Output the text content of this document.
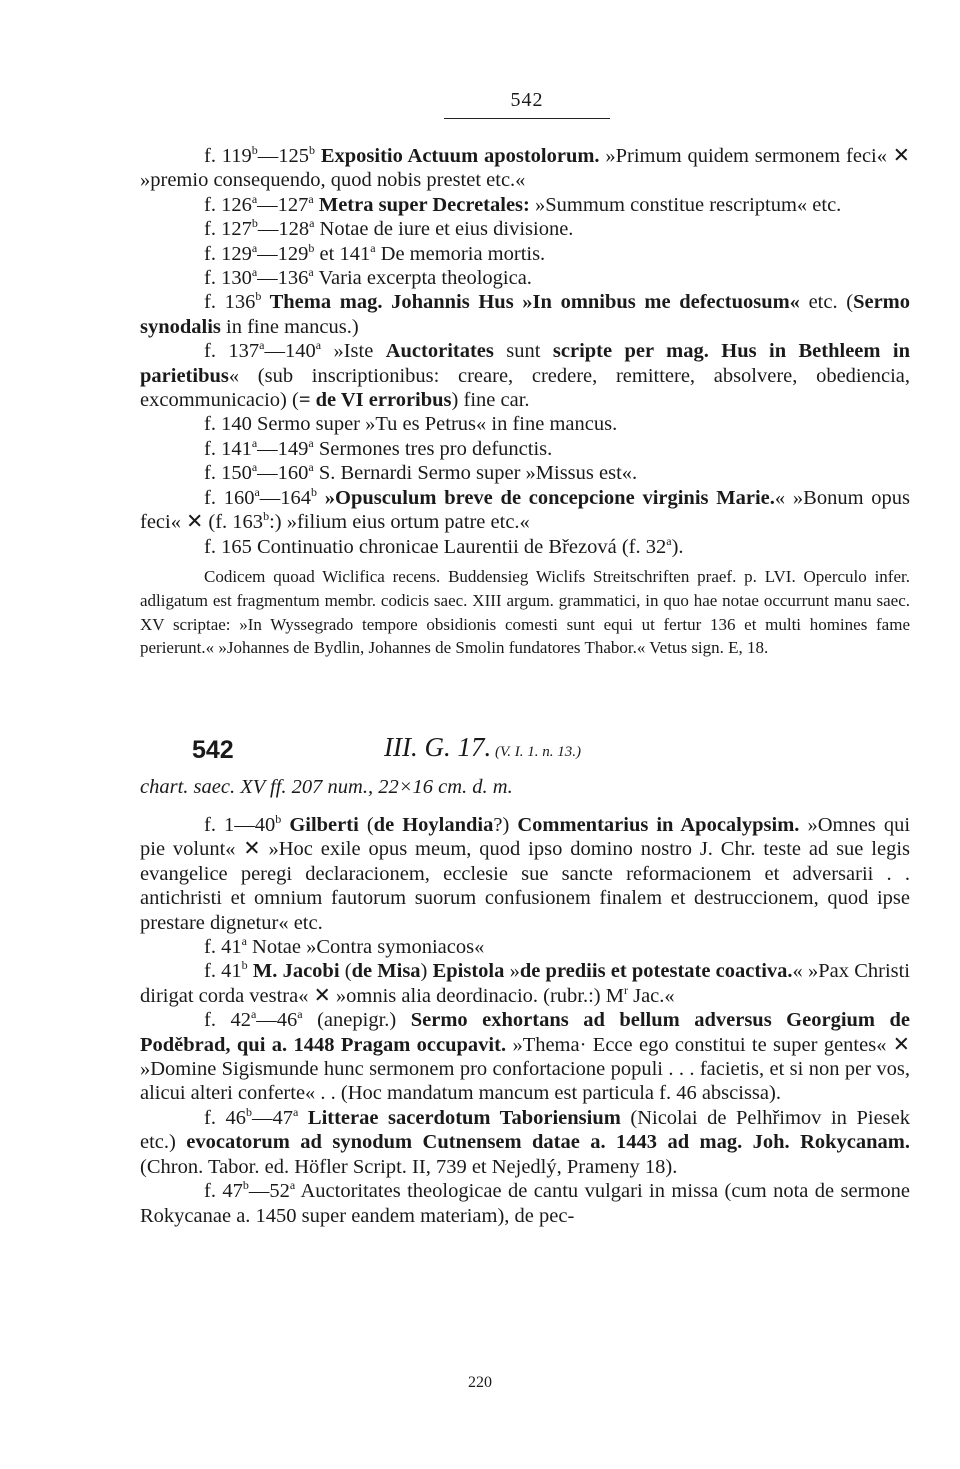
542

f. 119$^b$—125$^b$ Expositio Actuum apostolorum. »Primum quidem sermonem feci« ✕ »premio consequendo, quod nobis prestet etc.«

f. 126$^a$—127$^a$ Metra super Decretales: »Summum constitue rescriptum« etc.

f. 127$^b$—128$^a$ Notae de iure et eius divisione.

f. 129$^a$—129$^b$ et 141$^a$ De memoria mortis.

f. 130$^a$—136$^a$ Varia excerpta theologica.

f. 136$^b$ Thema mag. Johannis Hus »In omnibus me defectuosum« etc. (Sermo synodalis in fine mancus.)

f. 137$^a$—140$^a$ »Iste Auctoritates sunt scripte per mag. Hus in Bethleem in parietibus« (sub inscriptionibus: creare, credere, remittere, absolvere, obediencia, excommunicacio) (= de VI erroribus) fine car.

f. 140 Sermo super »Tu es Petrus« in fine mancus.

f. 141$^a$—149$^a$ Sermones tres pro defunctis.

f. 150$^a$—160$^a$ S. Bernardi Sermo super »Missus est«.

f. 160$^a$—164$^b$ »Opusculum breve de concepcione virginis Marie.« »Bonum opus feci« ✕ (f. 163$^b$:) »filium eius ortum patre etc.«

f. 165 Continuatio chronicae Laurentii de Březová (f. 32$^a$).

Codicem quoad Wiclifica recens. Buddensieg Wiclifs Streitschriften praef. p. LVI. Operculo infer. adligatum est fragmentum membr. codicis saec. XIII argum. grammatici, in quo hae notae occurrunt manu saec. XV scriptae: »In Wyssegrado tempore obsidionis comesti sunt equi ut fertur 136 et multi homines fame perierunt.« »Johannes de Bydlin, Johannes de Smolin fundatores Thabor.« Vetus sign. E, 18.

542	III. G. 17. (V. I. 1. n. 13.)
chart. saec. XV ff. 207 num., 22×16 cm. d. m.

f. 1—40$^b$ Gilberti (de Hoylandia?) Commentarius in Apocalypsim. »Omnes qui pie volunt« ✕ »Hoc exile opus meum, quod ipso domino nostro J. Chr. teste ad sue legis evangelice peregi declaracionem, ecclesie sue sancte reformacionem et adversarii . . antichristi et omnium fautorum suorum confusionem finalem et destruccionem, quod ipse prestare dignetur« etc.

f. 41$^a$ Notae »Contra symoniacos«

f. 41$^b$ M. Jacobi (de Misa) Epistola »de prediis et potestate coactiva.« »Pax Christi dirigat corda vestra« ✕ »omnis alia deordinacio. (rubr.:) $M^r$ Jac.«

f. 42$^a$—46$^a$ (anepigr.) Sermo exhortans ad bellum adversus Georgium de Poděbrad, qui a. 1448 Pragam occupavit. »Thema· Ecce ego constitui te super gentes« ✕ »Domine Sigismunde hunc sermonem pro confortacione populi . . . facietis, et si non per vos, alicui alteri conferte« . . (Hoc mandatum mancum est particula f. 46 abscissa).

f. 46$^b$—47$^a$ Litterae sacerdotum Taboriensium (Nicolai de Pelhřimov in Piesek etc.) evocatorum ad synodum Cutnensem datae a. 1443 ad mag. Joh. Rokycanam. (Chron. Tabor. ed. Höfler Script. II, 739 et Nejedlý, Prameny 18).

f. 47$^b$—52$^a$ Auctoritates theologicae de cantu vulgari in missa (cum nota de sermone Rokycanae a. 1450 super eandem materiam), de pec-

220
